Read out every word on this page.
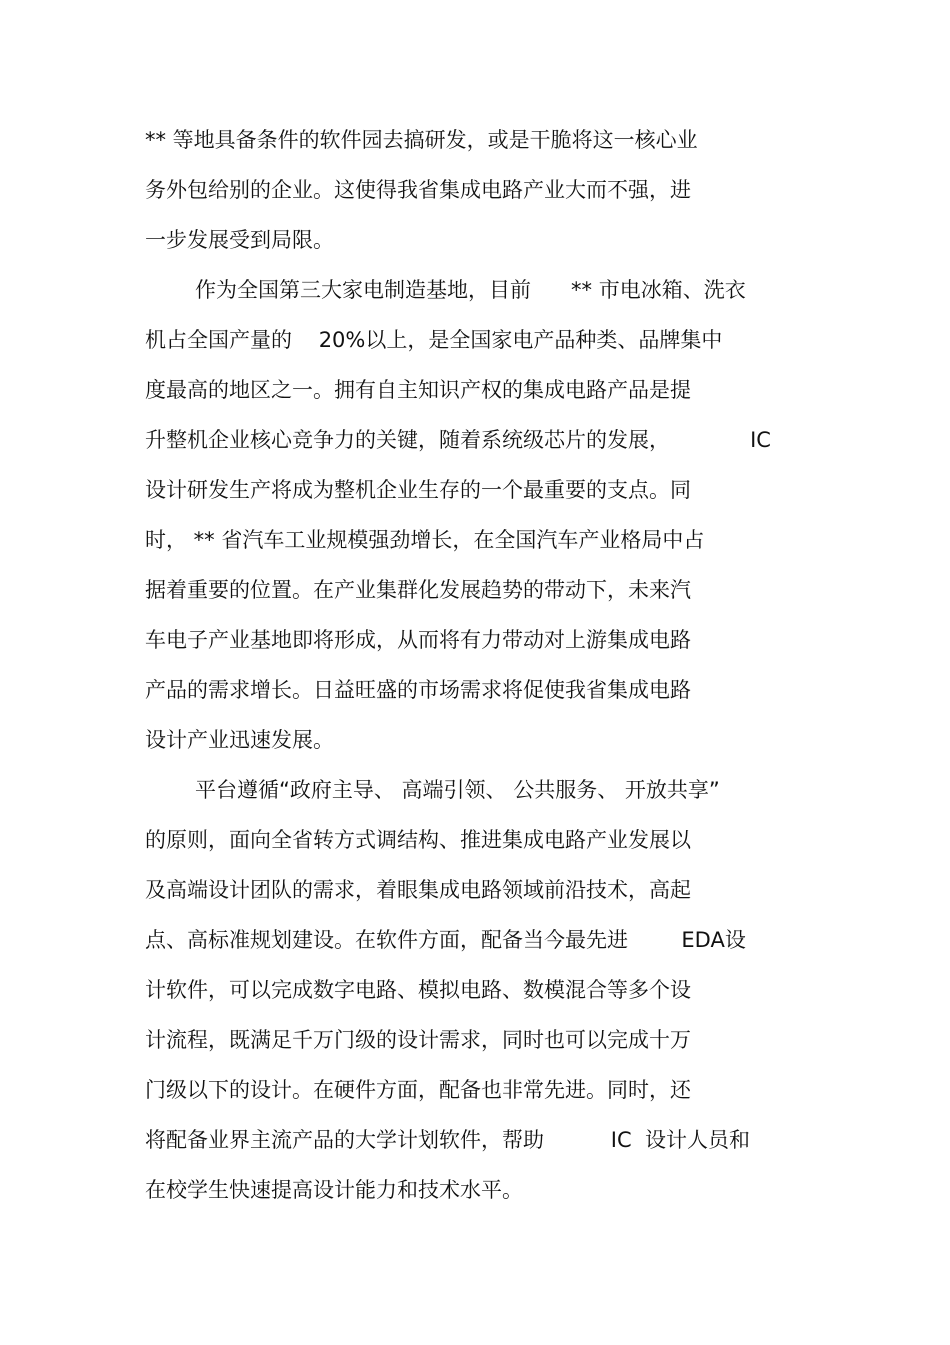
** 等地具备条件的软件园去搞研发，或是干脆将这一核心业

务外包给别的企业。这使得我省集成电路产业大而不强，进

一步发展受到局限。

作为全国第三大家电制造基地，目前      ** 市电冰箱、洗衣

机占全国产量的    20%以上，是全国家电产品种类、品牌集中

度最高的地区之一。拥有自主知识产权的集成电路产品是提

升整机企业核心竞争力的关键，随着系统级芯片的发展，            IC

设计研发生产将成为整机企业生存的一个最重要的支点。同

时， ** 省汽车工业规模强劲增长，在全国汽车产业格局中占

据着重要的位置。在产业集群化发展趋势的带动下，未来汽

车电子产业基地即将形成，从而将有力带动对上游集成电路

产品的需求增长。日益旺盛的市场需求将促使我省集成电路

设计产业迅速发展。

平台遵循“政府主导、 高端引领、 公共服务、 开放共享”

的原则，面向全省转方式调结构、推进集成电路产业发展以

及高端设计团队的需求，着眼集成电路领域前沿技术，高起

点、高标准规划建设。在软件方面，配备当今最先进        EDA设

计软件，可以完成数字电路、模拟电路、数模混合等多个设

计流程，既满足千万门级的设计需求，同时也可以完成十万

门级以下的设计。在硬件方面，配备也非常先进。同时，还

将配备业界主流产品的大学计划软件，帮助          IC  设计人员和

在校学生快速提高设计能力和技术水平。
